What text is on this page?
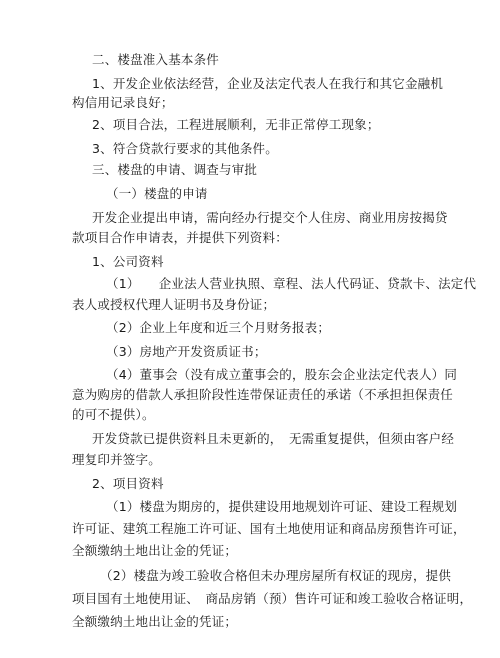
二、楼盘准入基本条件

1、开发企业依法经营，企业及法定代表人在我行和其它金融机

构信用记录良好；

2、项目合法，工程进展顺利，无非正常停工现象；

3、符合贷款行要求的其他条件。

三、楼盘的申请、调查与审批

（一）楼盘的申请

开发企业提出申请，需向经办行提交个人住房、商业用房按揭贷

款项目合作申请表，并提供下列资料：

1、公司资料

（1）　　企业法人营业执照、章程、法人代码证、贷款卡、法定代

表人或授权代理人证明书及身份证；

（2）企业上年度和近三个月财务报表；

（3）房地产开发资质证书；

（4）董事会（没有成立董事会的，股东会企业法定代表人）同

意为购房的借款人承担阶段性连带保证责任的承诺（不承担担保责任

的可不提供）。

开发贷款已提供资料且未更新的，　无需重复提供，但须由客户经

理复印并签字。

2、项目资料

（1）楼盘为期房的，提供建设用地规划许可证、建设工程规划

许可证、建筑工程施工许可证、国有土地使用证和商品房预售许可证，

全额缴纳土地出让金的凭证；

（2）楼盘为竣工验收合格但未办理房屋所有权证的现房，提供

项目国有土地使用证、　商品房销（预）售许可证和竣工验收合格证明，

全额缴纳土地出让金的凭证；
